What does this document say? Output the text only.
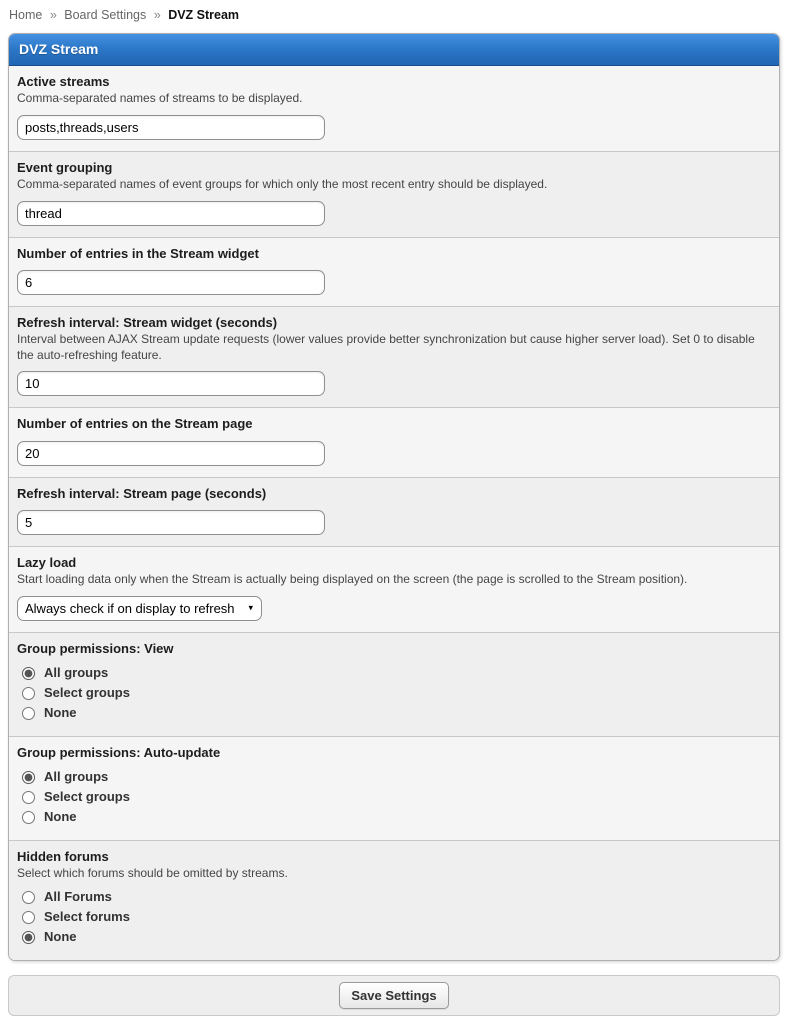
Home » Board Settings » DVZ Stream
DVZ Stream
Active streams
Comma-separated names of streams to be displayed.
posts,threads,users
Event grouping
Comma-separated names of event groups for which only the most recent entry should be displayed.
thread
Number of entries in the Stream widget
6
Refresh interval: Stream widget (seconds)
Interval between AJAX Stream update requests (lower values provide better synchronization but cause higher server load). Set 0 to disable the auto-refreshing feature.
10
Number of entries on the Stream page
20
Refresh interval: Stream page (seconds)
5
Lazy load
Start loading data only when the Stream is actually being displayed on the screen (the page is scrolled to the Stream position).
Always check if on display to refresh
▾
Group permissions: View
All groups
Select groups
None
Group permissions: Auto-update
All groups
Select groups
None
Hidden forums
Select which forums should be omitted by streams.
All Forums
Select forums
None
Save Settings
